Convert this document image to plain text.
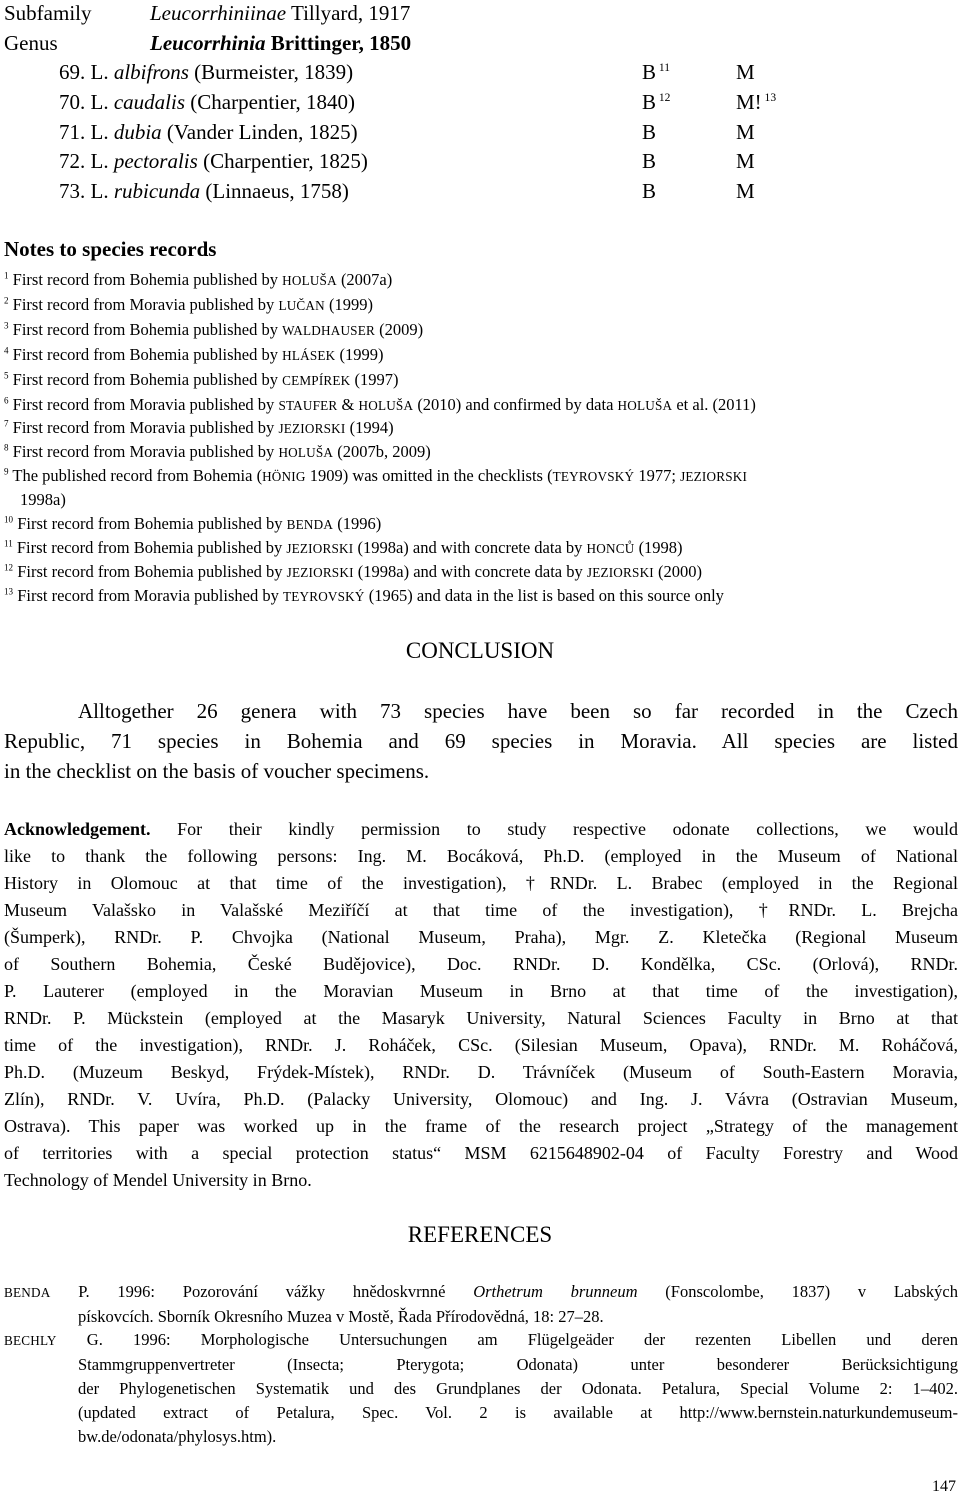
Subfamily	Leucorrhiniinae Tillyard, 1917
Genus	Leucorrhinia Brittinger, 1850
69. L. albifrons (Burmeister, 1839)	B $^{11}$	M
70. L. caudalis (Charpentier, 1840)	B $^{12}$	M! $^{13}$
71. L. dubia (Vander Linden, 1825)	B	M
72. L. pectoralis (Charpentier, 1825)	B	M
73. L. rubicunda (Linnaeus, 1758)	B	M
Notes to species records
$^1$ First record from Bohemia published by HOLUŠA (2007a)
$^2$ First record from Moravia published by LUČAN (1999)
$^3$ First record from Bohemia published by WALDHAUSER (2009)
$^4$ First record from Bohemia published by HLÁSEK (1999)
$^5$ First record from Bohemia published by CEMPÍREK (1997)
$^6$ First record from Moravia published by STAUFER & HOLUŠA (2010) and confirmed by data HOLUŠA et al. (2011)
$^7$ First record from Moravia published by JEZIORSKI (1994)
$^8$ First record from Moravia published by HOLUŠA (2007b, 2009)
$^9$ The published record from Bohemia (HÖNIG 1909) was omitted in the checklists (TEYROVSKÝ 1977; JEZIORSKI
1998a)
$^{10}$ First record from Bohemia published by BENDA (1996)
$^{11}$ First record from Bohemia published by JEZIORSKI (1998a) and with concrete data by HONCŮ (1998)
$^{12}$ First record from Bohemia published by JEZIORSKI (1998a) and with concrete data by JEZIORSKI (2000)
$^{13}$ First record from Moravia published by TEYROVSKÝ (1965) and data in the list is based on this source only
CONCLUSION
Alltogether 26 genera with 73 species have been so far recorded in the Czech
Republic, 71 species in Bohemia and 69 species in Moravia. All species are listed
in the checklist on the basis of voucher specimens.
Acknowledgement. For their kindly permission to study respective odonate collections, we would
like to thank the following persons: Ing. M. Bocáková, Ph.D. (employed in the Museum of National
History in Olomouc at that time of the investigation), †RNDr. L. Brabec (employed in the Regional
Museum Valašsko in Valašské Meziříčí at that time of the investigation), †RNDr. L. Brejcha
(Šumperk), RNDr. P. Chvojka (National Museum, Praha), Mgr. Z. Kletečka (Regional Museum
of Southern Bohemia, České Budějovice), Doc. RNDr. D. Kondělka, CSc. (Orlová), RNDr.
P. Lauterer (employed in the Moravian Museum in Brno at that time of the investigation),
RNDr. P. Mückstein (employed at the Masaryk University, Natural Sciences Faculty in Brno at that
time of the investigation), RNDr. J. Roháček, CSc. (Silesian Museum, Opava), RNDr. M. Roháčová,
Ph.D. (Muzeum Beskyd, Frýdek-Místek), RNDr. D. Trávníček (Museum of South-Eastern Moravia,
Zlín), RNDr. V. Uvíra, Ph.D. (Palacky University, Olomouc) and Ing. J. Vávra (Ostravian Museum,
Ostrava). This paper was worked up in the frame of the research project „Strategy of the management
of territories with a special protection status“ MSM 6215648902-04 of Faculty Forestry and Wood
Technology of Mendel University in Brno.
REFERENCES
BENDA P. 1996: Pozorování vážky hnědoskvrnné Orthetrum brunneum (Fonscolombe, 1837) v Labských
pískovcích. Sborník Okresního Muzea v Mostě, Řada Přírodovědná, 18: 27–28.
BECHLY G. 1996: Morphologische Untersuchungen am Flügelgeäder der rezenten Libellen und deren
Stammgruppenvertreter (Insecta; Pterygota; Odonata) unter besonderer Berücksichtigung
der Phylogenetischen Systematik und des Grundplanes der Odonata. Petalura, Special Volume 2: 1–402.
(updated extract of Petalura, Spec. Vol. 2 is available at http://www.bernstein.naturkundemuseum-
bw.de/odonata/phylosys.htm).
147
